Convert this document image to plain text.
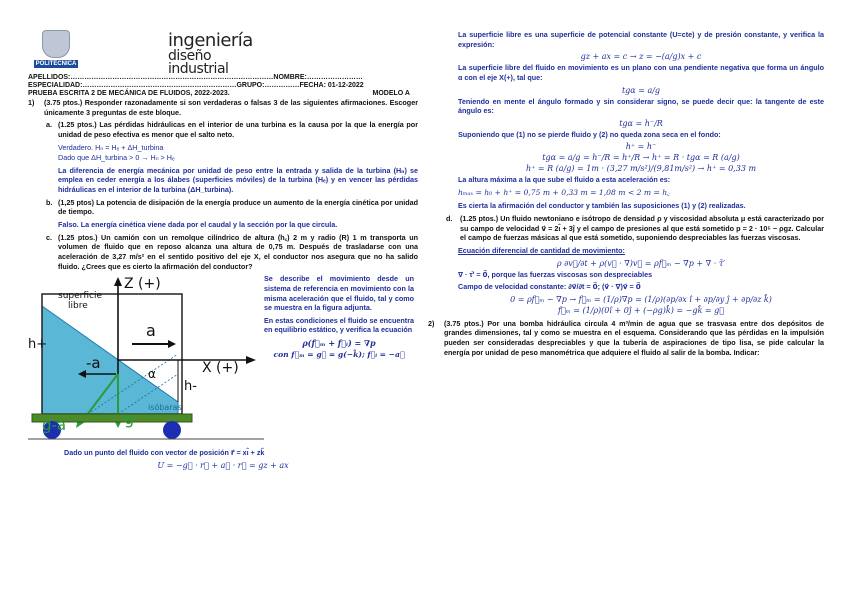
POLITÉCNICA
ingeniería
diseño
industrial
APELLIDOS:……………………………………………………………………………NOMBRE:……………………
ESPECIALIDAD:…………………………………………………………GRUPO:……………FECHA: 01-12-2022
PRUEBA ESCRITA 2 DE MECÁNICA DE FLUIDOS, 2022-2023.	MODELO A
1)	(3.75 ptos.) Responder razonadamente si son verdaderas o falsas 3 de las siguientes afirmaciones. Escoger únicamente 3 preguntas de este bloque.
a. (1.25 ptos.) Las pérdidas hidráulicas en el interior de una turbina es la causa por la que la energía por unidad de peso efectiva es menor que el salto neto.
Verdadero. Hₙ = Hₑ + ΔH_turbina
Dado que ΔH_turbina > 0 → Hₙ > Hₑ
La diferencia de energía mecánica por unidad de peso entre la entrada y salida de la turbina (Hₙ) se emplea en ceder energía a los álabes (superficies móviles) de la turbina (Hₑ) y en vencer las pérdidas hidráulicas en el interior de la turbina (ΔH_turbina).
b. (1,25 ptos) La potencia de disipación de la energía produce un aumento de la energía cinética por unidad de tiempo.
Falso. La energía cinética viene dada por el caudal y la sección por la que circula.
c. (1.25 ptos.) Un camión con un remolque cilíndrico de altura (h꜀) 2 m y radio (R) 1 m transporta un volumen de fluido que en reposo alcanza una altura de 0,75 m. Después de trasladarse con una aceleración de 3,27 m/s² en el sentido positivo del eje X, el conductor nos asegura que no ha salido fluido. ¿Crees que es cierto la afirmación del conductor?
Z (+)
X (+)
superficie
libre
h+
h-
a
-a
g
g-a
α
isóbaras
Se describe el movimiento desde un sistema de referencia en movimiento con la misma aceleración que el fluido, tal y como se muestra en la figura adjunta.
En estas condiciones el fluido se encuentra en equilibrio estático, y verifica la ecuación
ρ(f⃗ₘ + f⃗ᵢ) = ∇p
con f⃗ₘ = g⃗ = g(−k̂); f⃗ᵢ = −a⃗
Dado un punto del fluido con vector de posición r⃗ = xı̂ + zk̂
U = −g⃗ · r⃗ + a⃗ · r⃗ = gz + ax
La superficie libre es una superficie de potencial constante (U=cte) y de presión constante, y verifica la expresión:
gz + ax = c → z = −(a/g)x + c
La superficie libre del fluido en movimiento es un plano con una pendiente negativa que forma un ángulo α con el eje X(+), tal que:
tgα = a/g
Teniendo en mente el ángulo formado y sin considerar signo, se puede decir que: la tangente de este ángulo es:
tgα = h⁻/R
Suponiendo que (1) no se pierde fluido y (2) no queda zona seca en el fondo:
h⁺ = h⁻
tgα = a/g = h⁻/R = h⁺/R → h⁺ = R · tgα = R (a/g)
h⁺ = R (a/g) = 1m · (3,27 m/s²)/(9,81m/s²) → h⁺ = 0,33 m
La altura máxima a la que sube el fluido a esta aceleración es:
hₘₐₓ = h₀ + h⁺ = 0,75 m + 0,33 m = 1,08 m < 2 m = h꜀
Es cierta la afirmación del conductor y también las suposiciones (1) y (2) realizadas.
d.	(1.25 ptos.) Un fluido newtoniano e isótropo de densidad ρ y viscosidad absoluta μ está caracterizado por su campo de velocidad v⃗ = 2ı̂ + 3ȷ̂ y el campo de presiones al que está sometido p = 2 · 10⁵ − ρgz. Calcular el campo de fuerzas másicas al que está sometido, suponiendo despreciables las fuerzas viscosas.
Ecuación diferencial de cantidad de movimiento:
ρ ∂v⃗/∂t + ρ(v⃗ · ∇)v⃗ = ρf⃗ₘ − ∇p + ∇ · τ̄′
∇ · τ̄′ = 0⃗, porque las fuerzas viscosas son despreciables
Campo de velocidad constante: ∂v⃗/∂t = 0⃗; (v⃗ · ∇)v⃗ = 0⃗
0 = ρf⃗ₘ − ∇p → f⃗ₘ = (1/ρ)∇p = (1/ρ)(∂p/∂x ı̂ + ∂p/∂y ȷ̂ + ∂p/∂z k̂)
f⃗ₘ = (1/ρ)(0ı̂ + 0ȷ̂ + (−ρg)k̂) = −gk̂ = g⃗
2)	(3.75 ptos.) Por una bomba hidráulica circula 4 m³/min de agua que se trasvasa entre dos depósitos de grandes dimensiones, tal y como se muestra en el esquema. Considerando que las pérdidas en la impulsión pueden ser consideradas despreciables y que la tubería de aspiraciones de tipo lisa, se pide calcular la energía por unidad de peso manométrica que adquiere el fluido al salir de la bomba. Indicar:
